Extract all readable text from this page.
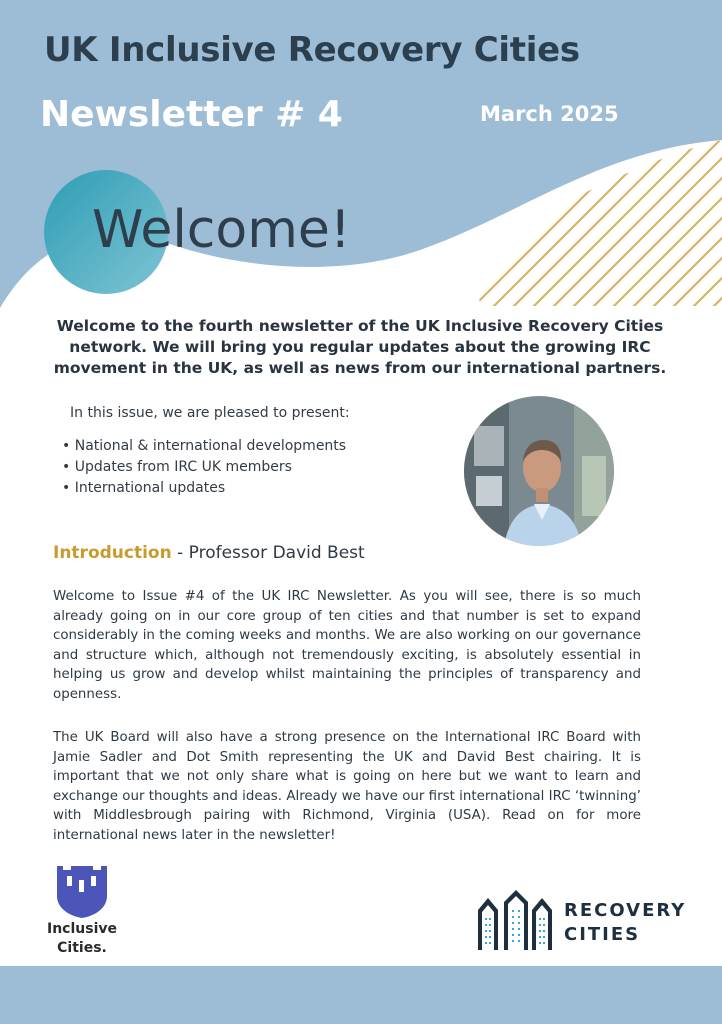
UK Inclusive Recovery Cities
Newsletter # 4	March 2025
Welcome!

Welcome to the fourth newsletter of the UK Inclusive Recovery Cities network. We will bring you regular updates about the growing IRC movement in the UK, as well as news from our international partners.

In this issue, we are pleased to present:

• National & international developments
• Updates from IRC UK members
• International updates
Introduction - Professor David Best

Welcome to Issue #4 of the UK IRC Newsletter. As you will see, there is so much already going on in our core group of ten cities and that number is set to expand considerably in the coming weeks and months. We are also working on our governance and structure which, although not tremendously exciting, is absolutely essential in helping us grow and develop whilst maintaining the principles of transparency and openness.

The UK Board will also have a strong presence on the International IRC Board with Jamie Sadler and Dot Smith representing the UK and David Best chairing. It is important that we not only share what is going on here but we want to learn and exchange our thoughts and ideas. Already we have our first international IRC ‘twinning’ with Middlesbrough pairing with Richmond, Virginia (USA). Read on for more international news later in the newsletter!

Inclusive
Cities.
RECOVERY
CITIES
